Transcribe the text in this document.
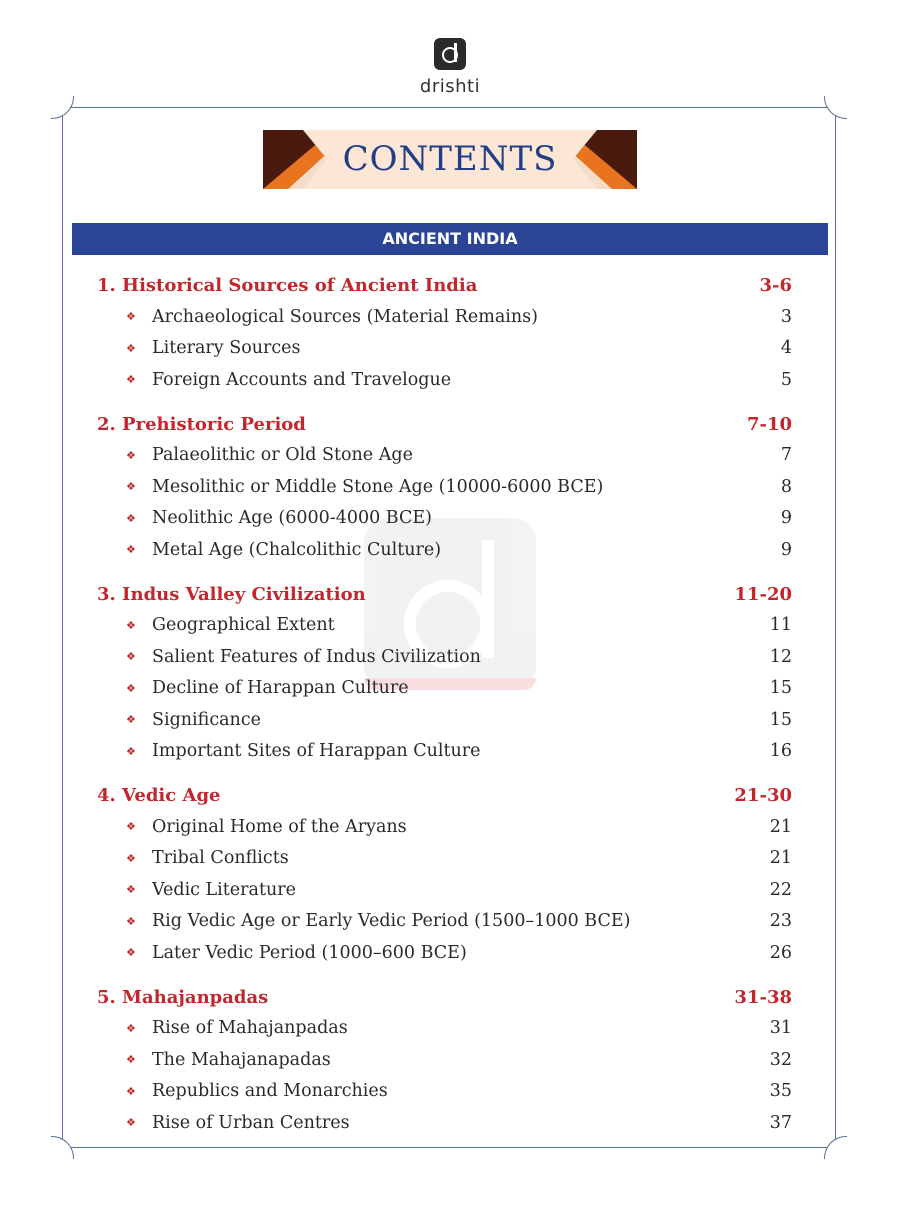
drishti
CONTENTS
ANCIENT INDIA
1. Historical Sources of Ancient India	3-6
❖ Archaeological Sources (Material Remains)	3
❖ Literary Sources	4
❖ Foreign Accounts and Travelogue	5
2. Prehistoric Period	7-10
❖ Palaeolithic or Old Stone Age	7
❖ Mesolithic or Middle Stone Age (10000-6000 BCE)	8
❖ Neolithic Age (6000-4000 BCE)	9
❖ Metal Age (Chalcolithic Culture)	9
3. Indus Valley Civilization	11-20
❖ Geographical Extent	11
❖ Salient Features of Indus Civilization	12
❖ Decline of Harappan Culture	15
❖ Significance	15
❖ Important Sites of Harappan Culture	16
4. Vedic Age	21-30
❖ Original Home of the Aryans	21
❖ Tribal Conflicts	21
❖ Vedic Literature	22
❖ Rig Vedic Age or Early Vedic Period (1500–1000 BCE)	23
❖ Later Vedic Period (1000–600 BCE)	26
5. Mahajanpadas	31-38
❖ Rise of Mahajanpadas	31
❖ The Mahajanapadas	32
❖ Republics and Monarchies	35
❖ Rise of Urban Centres	37
